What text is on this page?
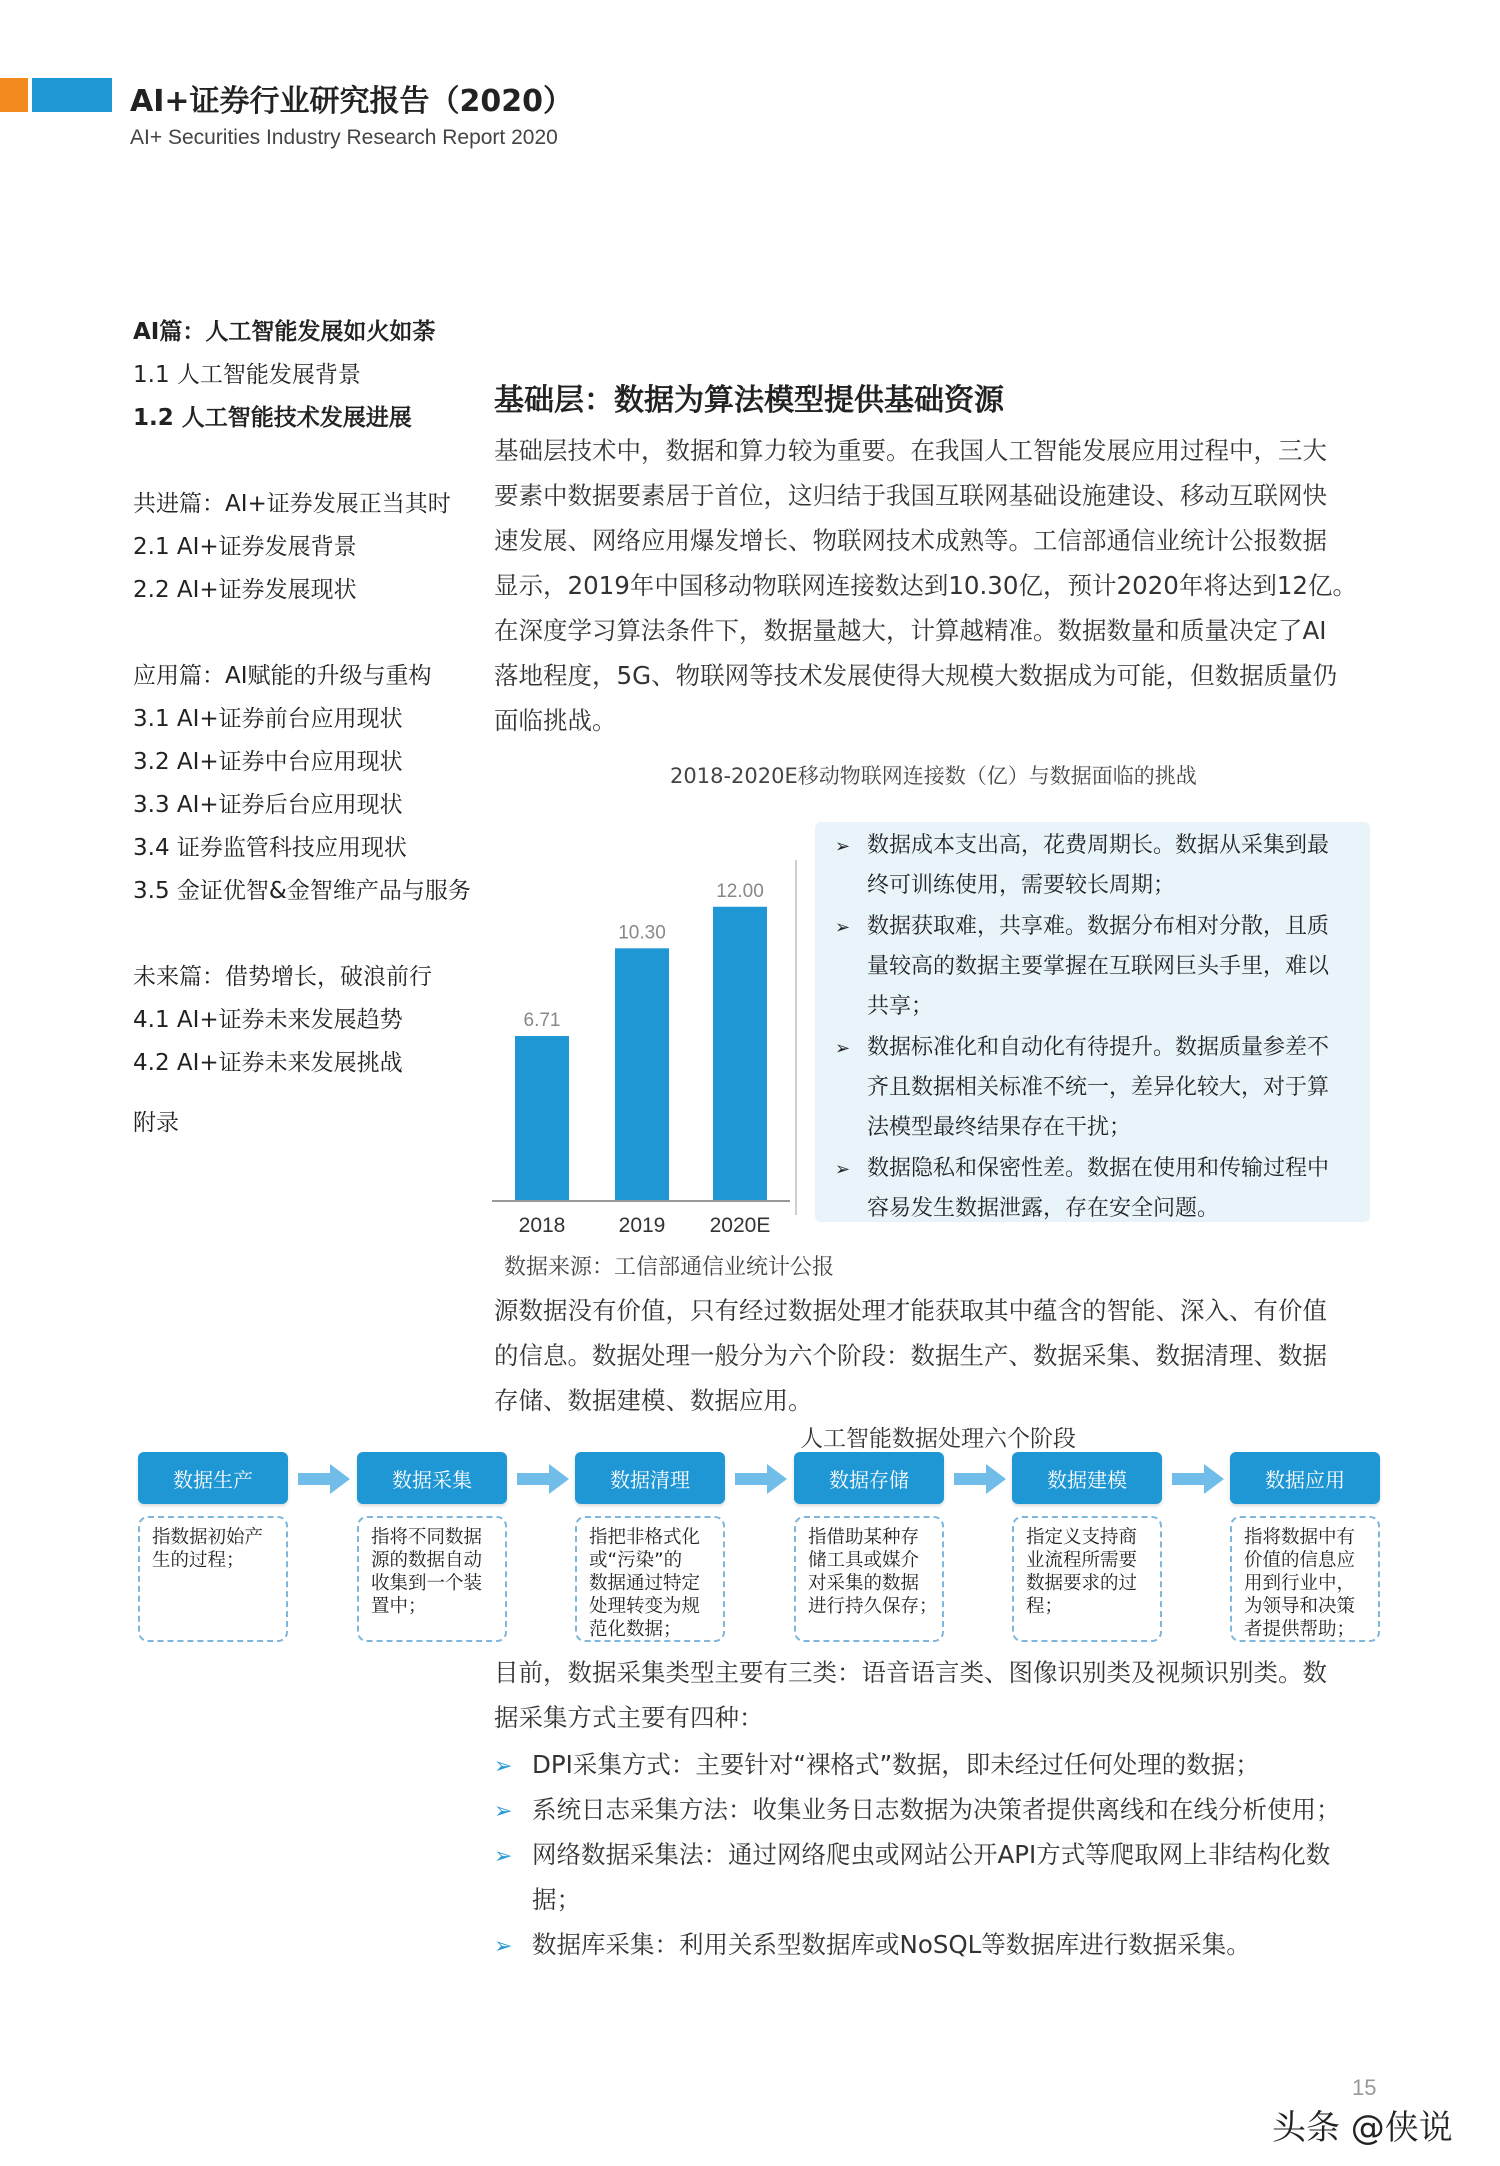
AI+证券行业研究报告（2020）
AI+ Securities Industry Research Report 2020
AI篇：人工智能发展如火如荼
1.1 人工智能发展背景
1.2 人工智能技术发展进展
共进篇：AI+证券发展正当其时
2.1 AI+证券发展背景
2.2 AI+证券发展现状
应用篇：AI赋能的升级与重构
3.1 AI+证券前台应用现状
3.2 AI+证券中台应用现状
3.3 AI+证券后台应用现状
3.4 证券监管科技应用现状
3.5 金证优智&金智维产品与服务
未来篇：借势增长，破浪前行
4.1 AI+证券未来发展趋势
4.2 AI+证券未来发展挑战
附录
基础层：数据为算法模型提供基础资源
基础层技术中，数据和算力较为重要。在我国人工智能发展应用过程中，三大
要素中数据要素居于首位，这归结于我国互联网基础设施建设、移动互联网快
速发展、网络应用爆发增长、物联网技术成熟等。工信部通信业统计公报数据
显示，2019年中国移动物联网连接数达到10.30亿，预计2020年将达到12亿。
在深度学习算法条件下，数据量越大，计算越精准。数据数量和质量决定了AI
落地程度，5G、物联网等技术发展使得大规模大数据成为可能，但数据质量仍
面临挑战。
2018-2020E移动物联网连接数（亿）与数据面临的挑战
6.71
2018
10.30
2019
12.00
2020E
➢ 数据成本支出高，花费周期长。数据从采集到最
终可训练使用，需要较长周期；
➢ 数据获取难，共享难。数据分布相对分散，且质
量较高的数据主要掌握在互联网巨头手里，难以
共享；
➢ 数据标准化和自动化有待提升。数据质量参差不
齐且数据相关标准不统一，差异化较大，对于算
法模型最终结果存在干扰；
➢ 数据隐私和保密性差。数据在使用和传输过程中
容易发生数据泄露，存在安全问题。
数据来源：工信部通信业统计公报
源数据没有价值，只有经过数据处理才能获取其中蕴含的智能、深入、有价值
的信息。数据处理一般分为六个阶段：数据生产、数据采集、数据清理、数据
存储、数据建模、数据应用。
人工智能数据处理六个阶段
数据生产
指数据初始产
生的过程；
数据采集
指将不同数据
源的数据自动
收集到一个装
置中；
数据清理
指把非格式化
或“污染”的
数据通过特定
处理转变为规
范化数据；
数据存储
指借助某种存
储工具或媒介
对采集的数据
进行持久保存；
数据建模
指定义支持商
业流程所需要
数据要求的过
程；
数据应用
指将数据中有
价值的信息应
用到行业中，
为领导和决策
者提供帮助；
目前，数据采集类型主要有三类：语音语言类、图像识别类及视频识别类。数
据采集方式主要有四种：
➢ DPI采集方式：主要针对“裸格式”数据，即未经过任何处理的数据；
➢ 系统日志采集方法：收集业务日志数据为决策者提供离线和在线分析使用；
➢ 网络数据采集法：通过网络爬虫或网站公开API方式等爬取网上非结构化数
据；
➢ 数据库采集：利用关系型数据库或NoSQL等数据库进行数据采集。
15
头条 @侠说
